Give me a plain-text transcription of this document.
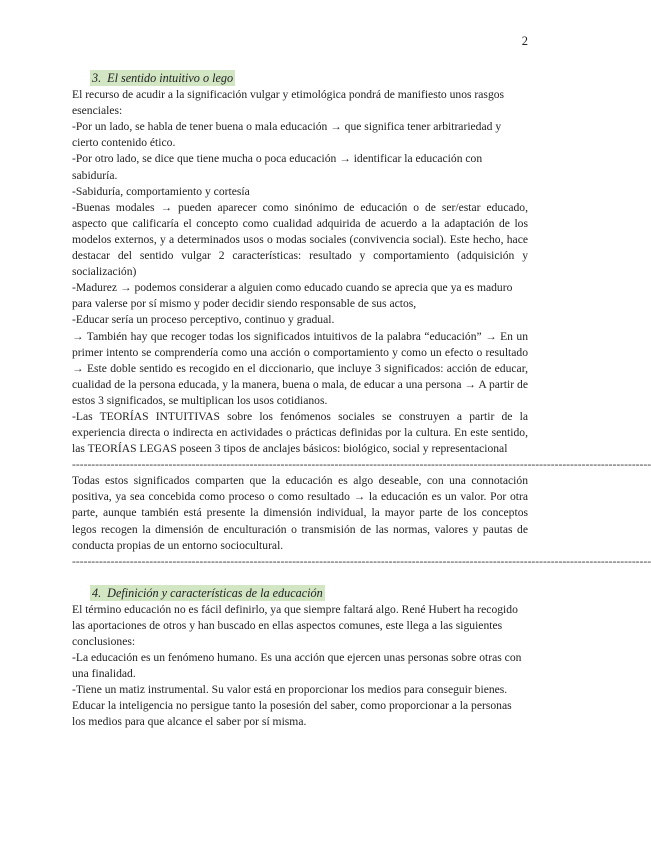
2
3. El sentido intuitivo o lego

El recurso de acudir a la significación vulgar y etimológica pondrá de manifiesto unos rasgos esenciales:

-Por un lado, se habla de tener buena o mala educación → que significa tener arbitrariedad y cierto contenido ético.

-Por otro lado, se dice que tiene mucha o poca educación → identificar la educación con sabiduría.

-Sabiduría, comportamiento y cortesía

-Buenas modales → pueden aparecer como sinónimo de educación o de ser/estar educado, aspecto que calificaría el concepto como cualidad adquirida de acuerdo a la adaptación de los modelos externos, y a determinados usos o modas sociales (convivencia social). Este hecho, hace destacar del sentido vulgar 2 características: resultado y comportamiento (adquisición y socialización)

-Madurez → podemos considerar a alguien como educado cuando se aprecia que ya es maduro para valerse por sí mismo y poder decidir siendo responsable de sus actos,

-Educar sería un proceso perceptivo, continuo y gradual.

→ También hay que recoger todas los significados intuitivos de la palabra “educación” → En un primer intento se comprendería como una acción o comportamiento y como un efecto o resultado → Este doble sentido es recogido en el diccionario, que incluye 3 significados: acción de educar, cualidad de la persona educada, y la manera, buena o mala, de educar a una persona → A partir de estos 3 significados, se multiplican los usos cotidianos.

-Las TEORÍAS INTUITIVAS sobre los fenómenos sociales se construyen a partir de la experiencia directa o indirecta en actividades o prácticas definidas por la cultura. En este sentido, las TEORÍAS LEGAS poseen 3 tipos de anclajes básicos: biológico, social y representacional

------------------------------------------------------------------------------------------------------------------------------------------------------

Todas estos significados comparten que la educación es algo deseable, con una connotación positiva, ya sea concebida como proceso o como resultado → la educación es un valor. Por otra parte, aunque también está presente la dimensión individual, la mayor parte de los conceptos legos recogen la dimensión de enculturación o transmisión de las normas, valores y pautas de conducta propias de un entorno sociocultural.

------------------------------------------------------------------------------------------------------------------------------------------------------
4. Definición y características de la educación

El término educación no es fácil definirlo, ya que siempre faltará algo. René Hubert ha recogido las aportaciones de otros y han buscado en ellas aspectos comunes, este llega a las siguientes conclusiones:

-La educación es un fenómeno humano. Es una acción que ejercen unas personas sobre otras con una finalidad.

-Tiene un matiz instrumental. Su valor está en proporcionar los medios para conseguir bienes. Educar la inteligencia no persigue tanto la posesión del saber, como proporcionar a la personas los medios para que alcance el saber por sí misma.
